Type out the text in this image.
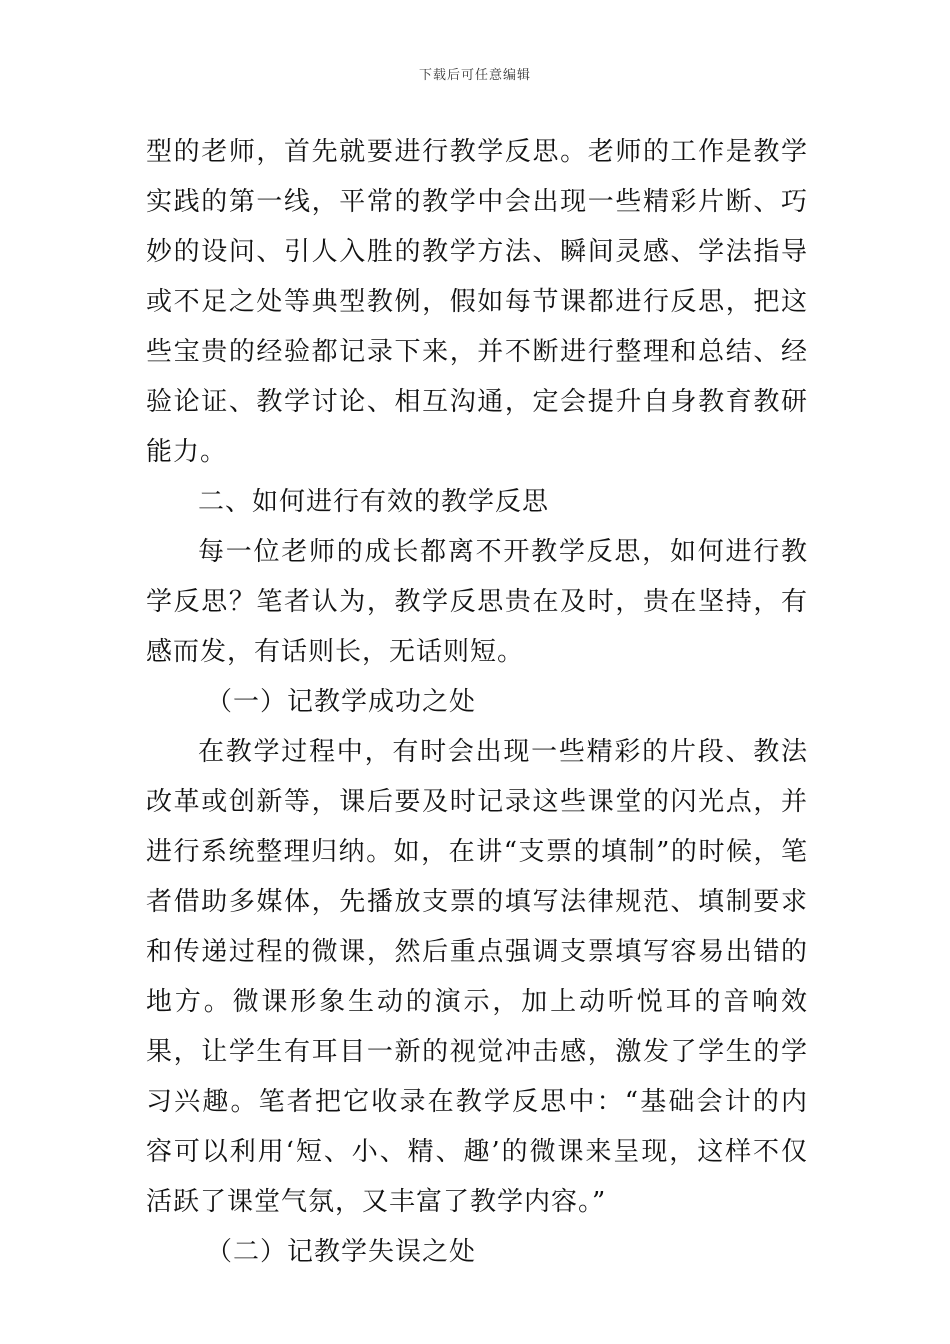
下载后可任意编辑

型的老师，首先就要进行教学反思。老师的工作是教学实践的第一线，平常的教学中会出现一些精彩片断、巧妙的设问、引人入胜的教学方法、瞬间灵感、学法指导或不足之处等典型教例，假如每节课都进行反思，把这些宝贵的经验都记录下来，并不断进行整理和总结、经验论证、教学讨论、相互沟通，定会提升自身教育教研能力。

二、如何进行有效的教学反思

每一位老师的成长都离不开教学反思，如何进行教学反思？笔者认为，教学反思贵在及时，贵在坚持，有感而发，有话则长，无话则短。

（一）记教学成功之处

在教学过程中，有时会出现一些精彩的片段、教法改革或创新等，课后要及时记录这些课堂的闪光点，并进行系统整理归纳。如，在讲“支票的填制”的时候，笔者借助多媒体，先播放支票的填写法律规范、填制要求和传递过程的微课，然后重点强调支票填写容易出错的地方。微课形象生动的演示，加上动听悦耳的音响效果，让学生有耳目一新的视觉冲击感，激发了学生的学习兴趣。笔者把它收录在教学反思中：“基础会计的内容可以利用‘短、小、精、趣’的微课来呈现，这样不仅活跃了课堂气氛，又丰富了教学内容。”

（二）记教学失误之处
